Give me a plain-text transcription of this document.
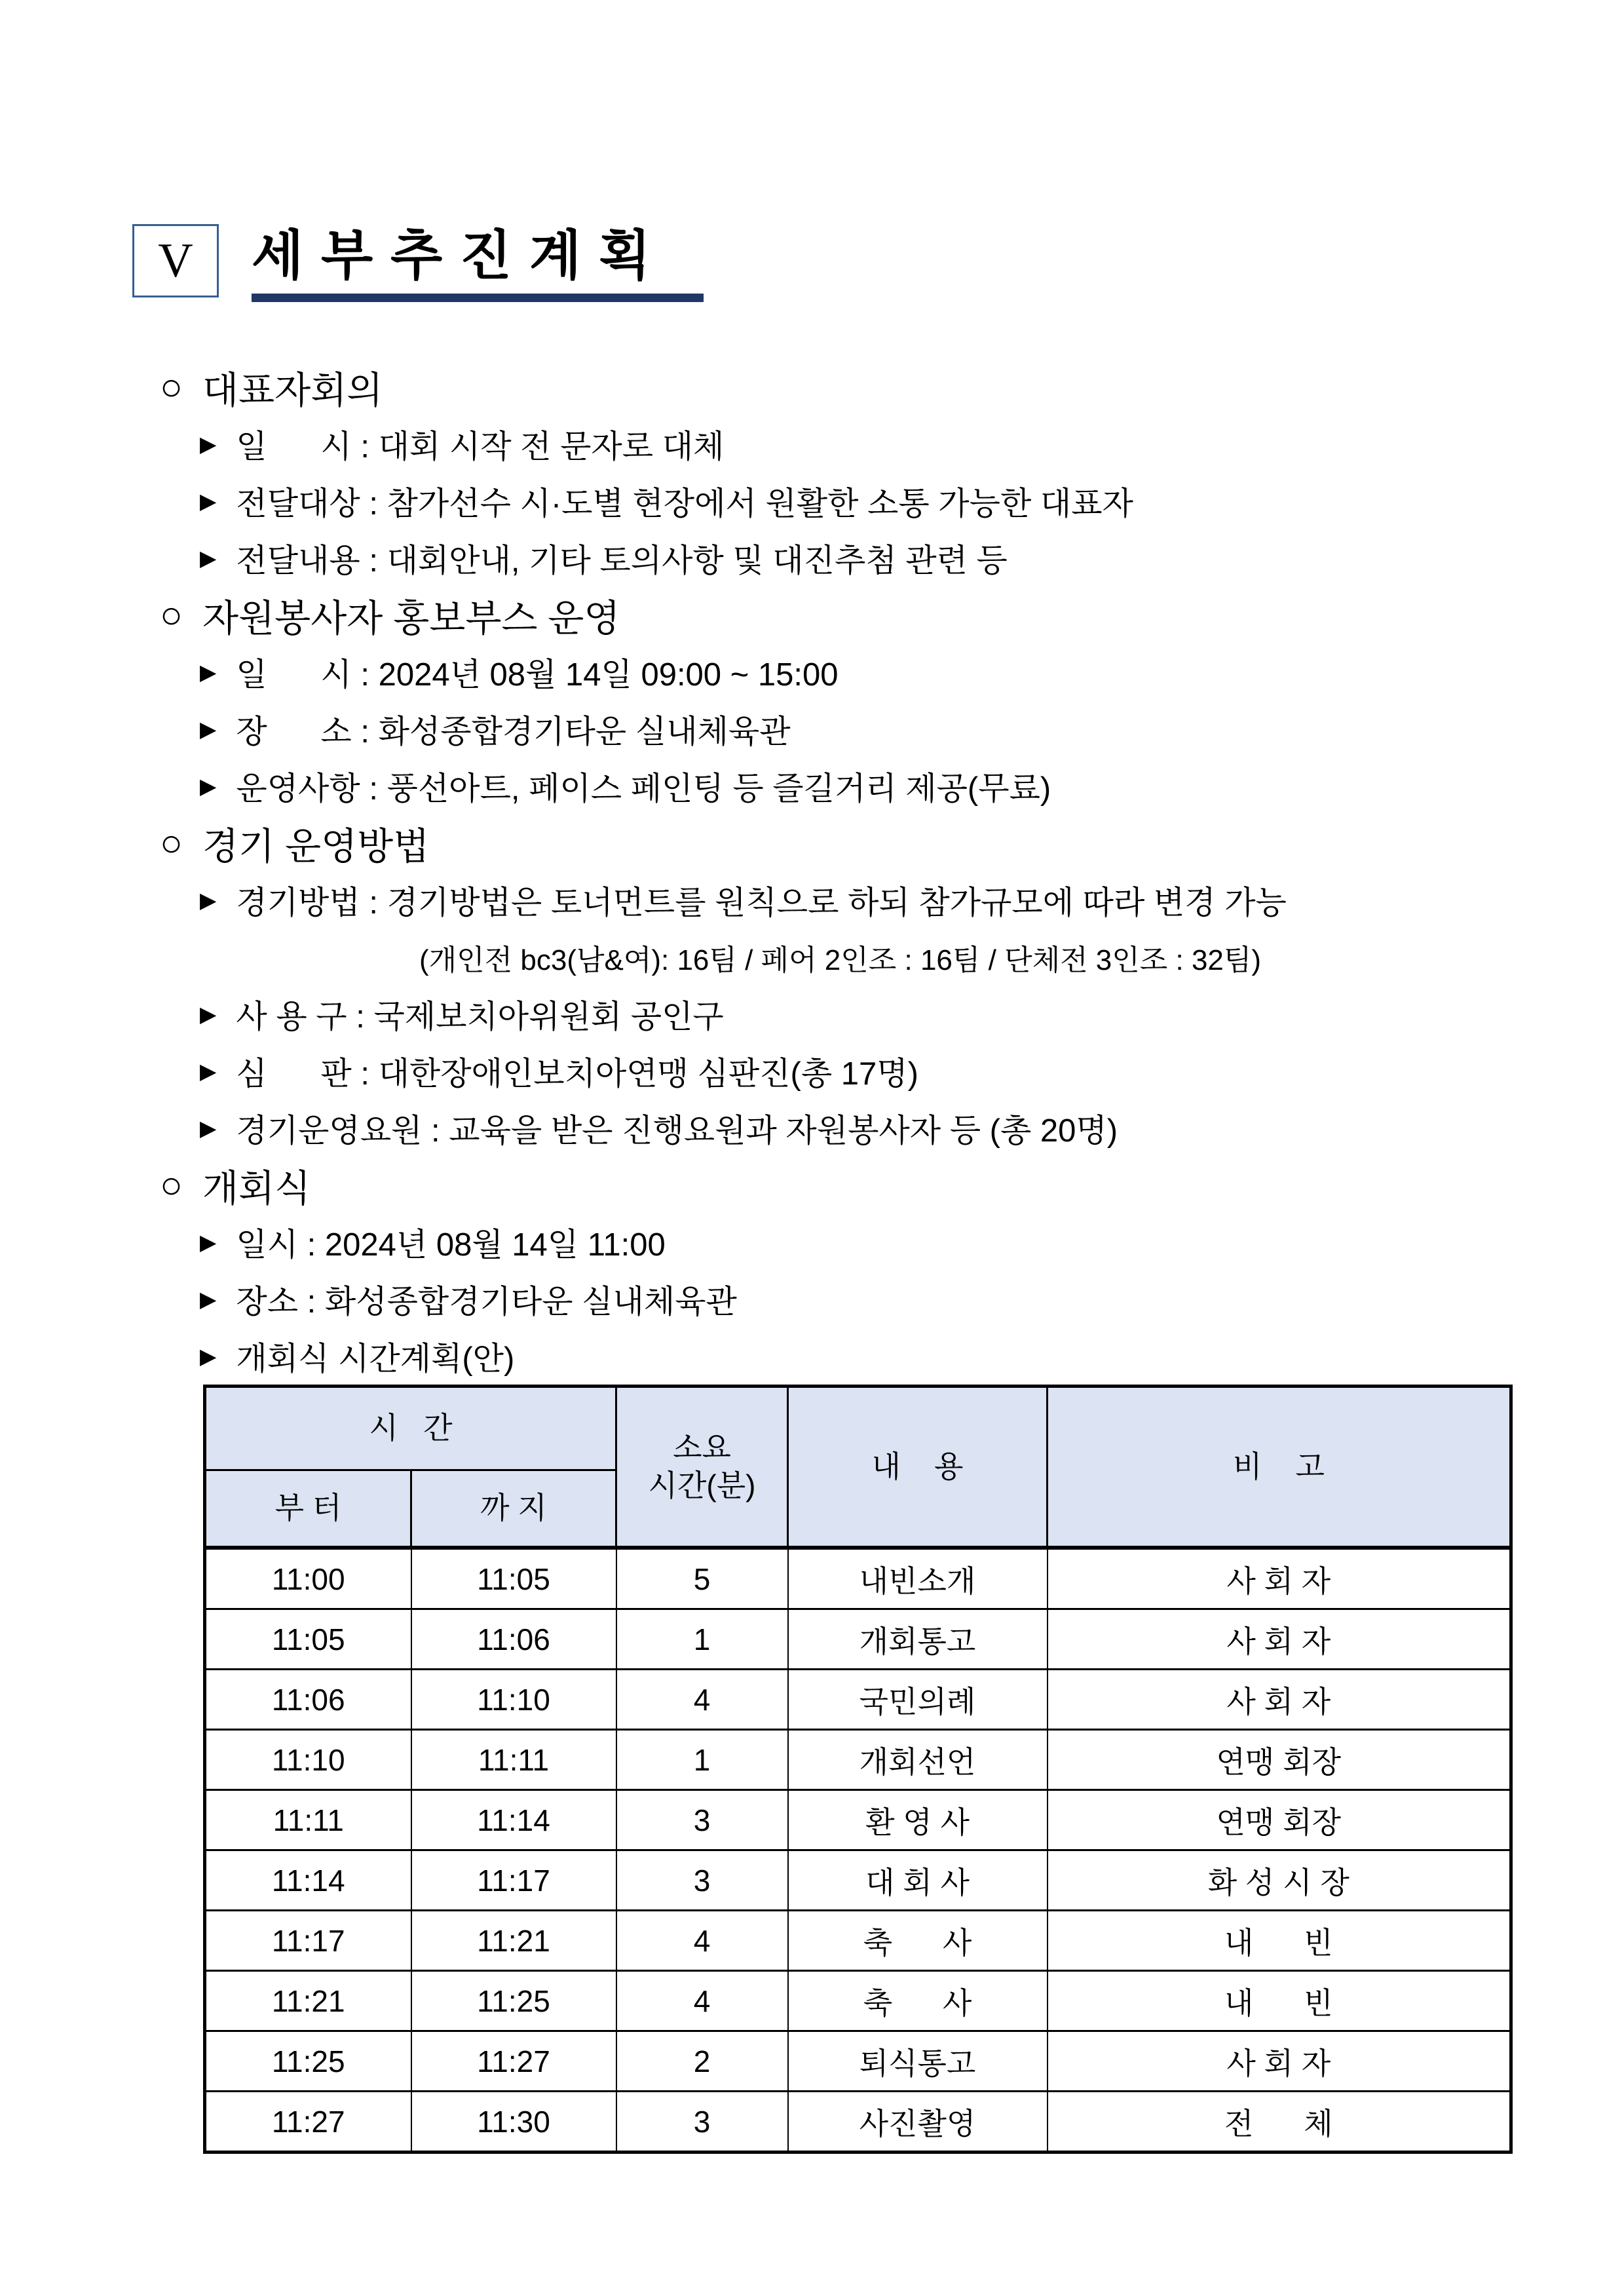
V 세 부 추 진 계 획
○ 대표자회의
▶ 일      시 : 대회 시작 전 문자로 대체
▶ 전달대상 : 참가선수 시·도별 현장에서 원활한 소통 가능한 대표자
▶ 전달내용 : 대회안내, 기타 토의사항 및 대진추첨 관련 등
○ 자원봉사자 홍보부스 운영
▶ 일      시 : 2024년 08월 14일 09:00 ~ 15:00
▶ 장      소 : 화성종합경기타운 실내체육관
▶ 운영사항 : 풍선아트, 페이스 페인팅 등 즐길거리 제공(무료)
○ 경기 운영방법
▶ 경기방법 : 경기방법은 토너먼트를 원칙으로 하되 참가규모에 따라 변경 가능
(개인전 bc3(남&여): 16팀 / 페어 2인조 : 16팀 / 단체전 3인조 : 32팀)
▶ 사 용 구 : 국제보치아위원회 공인구
▶ 심      판 : 대한장애인보치아연맹 심판진(총 17명)
▶ 경기운영요원 : 교육을 받은 진행요원과 자원봉사자 등 (총 20명)
○ 개회식
▶ 일시 : 2024년 08월 14일 11:00
▶ 장소 : 화성종합경기타운 실내체육관
▶ 개회식 시간계획(안)
시   간		소요
시간(분)	내    용	비    고
부 터	까 지			
11:00	11:05	5	내빈소개	사 회 자
11:05	11:06	1	개회통고	사 회 자
11:06	11:10	4	국민의례	사 회 자
11:10	11:11	1	개회선언	연맹 회장
11:11	11:14	3	환 영 사	연맹 회장
11:14	11:17	3	대 회 사	화 성 시 장
11:17	11:21	4	축      사	내      빈
11:21	11:25	4	축      사	내      빈
11:25	11:27	2	퇴식통고	사 회 자
11:27	11:30	3	사진촬영	전      체
